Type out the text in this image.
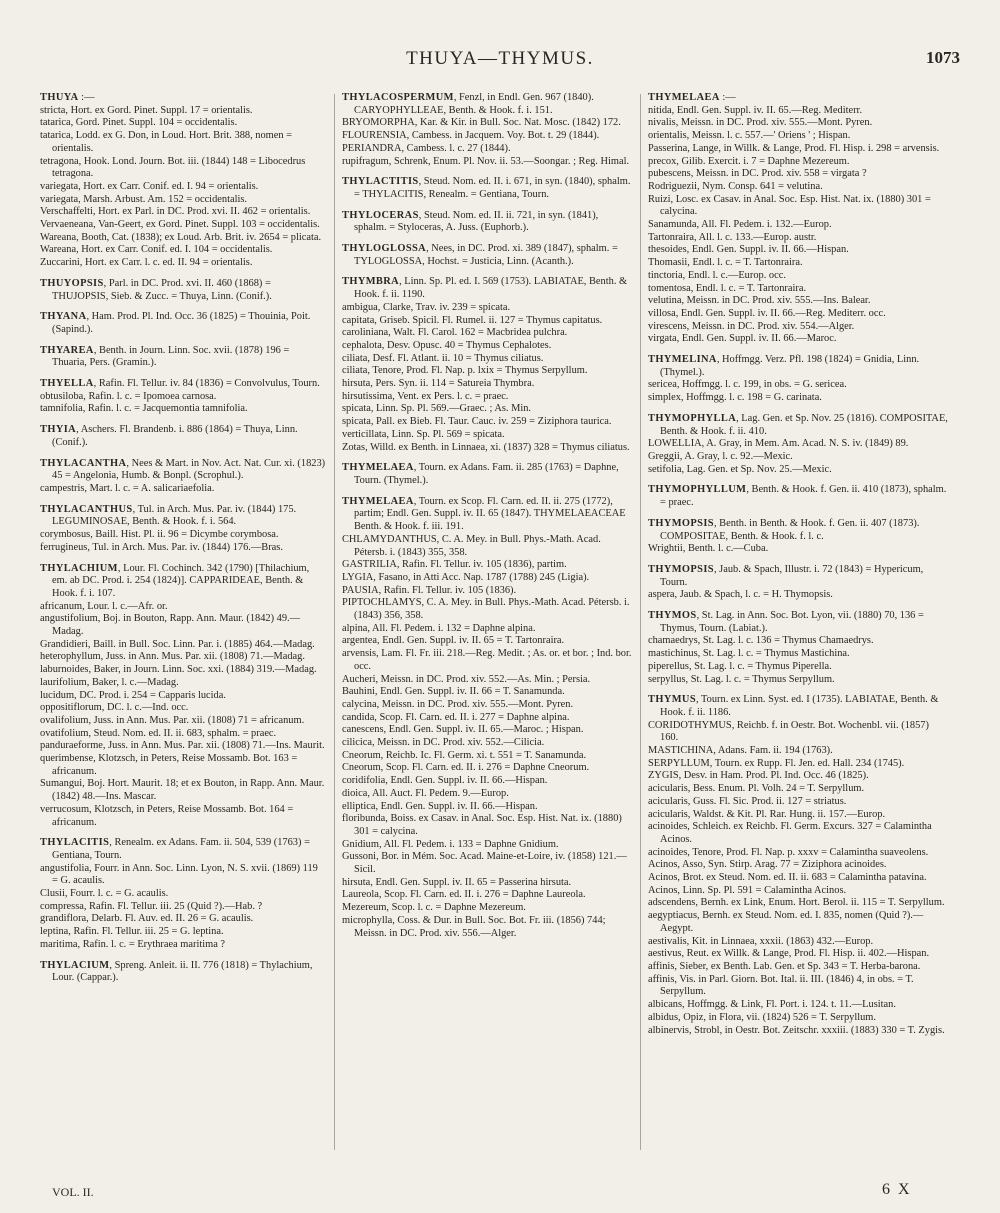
THUYA—THYMUS.	1073

THUYA :—

stricta, Hort. ex Gord. Pinet. Suppl. 17 = orientalis.

tatarica, Gord. Pinet. Suppl. 104 = occidentalis.

tatarica, Lodd. ex G. Don, in Loud. Hort. Brit. 388, nomen = orientalis.

tetragona, Hook. Lond. Journ. Bot. iii. (1844) 148 = Libocedrus tetragona.

variegata, Hort. ex Carr. Conif. ed. I. 94 = orientalis.

variegata, Marsh. Arbust. Am. 152 = occidentalis.

Verschaffelti, Hort. ex Parl. in DC. Prod. xvi. II. 462 = orientalis.

Vervaeneana, Van-Geert, ex Gord. Pinet. Suppl. 103 = occidentalis.

Wareana, Booth, Cat. (1838); ex Loud. Arb. Brit. iv. 2654 = plicata.

Wareana, Hort. ex Carr. Conif. ed. I. 104 = occidentalis.

Zuccarini, Hort. ex Carr. l. c. ed. II. 94 = orientalis.

THUYOPSIS, Parl. in DC. Prod. xvi. II. 460 (1868) = THUJOPSIS, Sieb. & Zucc. = Thuya, Linn. (Conif.).

THYANA, Ham. Prod. Pl. Ind. Occ. 36 (1825) = Thouinia, Poit. (Sapind.).

THYAREA, Benth. in Journ. Linn. Soc. xvii. (1878) 196 = Thuaria, Pers. (Gramin.).

THYELLA, Rafin. Fl. Tellur. iv. 84 (1836) = Convolvulus, Tourn.

obtusiloba, Rafin. l. c. = Ipomoea carnosa.

tamnifolia, Rafin. l. c. = Jacquemontia tamnifolia.

THYIA, Aschers. Fl. Brandenb. i. 886 (1864) = Thuya, Linn. (Conif.).

THYLACANTHA, Nees & Mart. in Nov. Act. Nat. Cur. xi. (1823) 45 = Angelonia, Humb. & Bonpl. (Scrophul.).

campestris, Mart. l. c. = A. salicariaefolia.

THYLACANTHUS, Tul. in Arch. Mus. Par. iv. (1844) 175. LEGUMINOSAE, Benth. & Hook. f. i. 564.

corymbosus, Baill. Hist. Pl. ii. 96 = Dicymbe corymbosa.

ferrugineus, Tul. in Arch. Mus. Par. iv. (1844) 176.—Bras.

THYLACHIUM, Lour. Fl. Cochinch. 342 (1790) [Thilachium, em. ab DC. Prod. i. 254 (1824)]. CAPPARIDEAE, Benth. & Hook. f. i. 107.

africanum, Lour. l. c.—Afr. or.

angustifolium, Boj. in Bouton, Rapp. Ann. Maur. (1842) 49.—Madag.

Grandidieri, Baill. in Bull. Soc. Linn. Par. i. (1885) 464.—Madag.

heterophyllum, Juss. in Ann. Mus. Par. xii. (1808) 71.—Madag.

laburnoides, Baker, in Journ. Linn. Soc. xxi. (1884) 319.—Madag.

laurifolium, Baker, l. c.—Madag.

lucidum, DC. Prod. i. 254 = Capparis lucida.

oppositiflorum, DC. l. c.—Ind. occ.

ovalifolium, Juss. in Ann. Mus. Par. xii. (1808) 71 = africanum.

ovatifolium, Steud. Nom. ed. II. ii. 683, sphalm. = praec.

panduraeforme, Juss. in Ann. Mus. Par. xii. (1808) 71.—Ins. Maurit.

querimbense, Klotzsch, in Peters, Reise Mossamb. Bot. 163 = africanum.

Sumangui, Boj. Hort. Maurit. 18; et ex Bouton, in Rapp. Ann. Maur. (1842) 48.—Ins. Mascar.

verrucosum, Klotzsch, in Peters, Reise Mossamb. Bot. 164 = africanum.

THYLACITIS, Renealm. ex Adans. Fam. ii. 504, 539 (1763) = Gentiana, Tourn.

angustifolia, Fourr. in Ann. Soc. Linn. Lyon, N. S. xvii. (1869) 119 = G. acaulis.

Clusii, Fourr. l. c. = G. acaulis.

compressa, Rafin. Fl. Tellur. iii. 25 (Quid ?).—Hab. ?

grandiflora, Delarb. Fl. Auv. ed. II. 26 = G. acaulis.

leptina, Rafin. Fl. Tellur. iii. 25 = G. leptina.

maritima, Rafin. l. c. = Erythraea maritima ?

THYLACIUM, Spreng. Anleit. ii. II. 776 (1818) = Thylachium, Lour. (Cappar.).

THYLACOSPERMUM, Fenzl, in Endl. Gen. 967 (1840). CARYOPHYLLEAE, Benth. & Hook. f. i. 151.

BRYOMORPHA, Kar. & Kir. in Bull. Soc. Nat. Mosc. (1842) 172.

FLOURENSIA, Cambess. in Jacquem. Voy. Bot. t. 29 (1844).

PERIANDRA, Cambess. l. c. 27 (1844).

rupifragum, Schrenk, Enum. Pl. Nov. ii. 53.—Soongar. ; Reg. Himal.

THYLACTITIS, Steud. Nom. ed. II. i. 671, in syn. (1840), sphalm. = THYLACITIS, Renealm. = Gentiana, Tourn.

THYLOCERAS, Steud. Nom. ed. II. ii. 721, in syn. (1841), sphalm. = Styloceras, A. Juss. (Euphorb.).

THYLOGLOSSA, Nees, in DC. Prod. xi. 389 (1847), sphalm. = TYLOGLOSSA, Hochst. = Justicia, Linn. (Acanth.).

THYMBRA, Linn. Sp. Pl. ed. I. 569 (1753). LABIATAE, Benth. & Hook. f. ii. 1190.

ambigua, Clarke, Trav. iv. 239 = spicata.

capitata, Griseb. Spicil. Fl. Rumel. ii. 127 = Thymus capitatus.

caroliniana, Walt. Fl. Carol. 162 = Macbridea pulchra.

cephalota, Desv. Opusc. 40 = Thymus Cephalotes.

ciliata, Desf. Fl. Atlant. ii. 10 = Thymus ciliatus.

ciliata, Tenore, Prod. Fl. Nap. p. lxix = Thymus Serpyllum.

hirsuta, Pers. Syn. ii. 114 = Satureia Thymbra.

hirsutissima, Vent. ex Pers. l. c. = praec.

spicata, Linn. Sp. Pl. 569.—Graec. ; As. Min.

spicata, Pall. ex Bieb. Fl. Taur. Cauc. iv. 259 = Ziziphora taurica.

verticillata, Linn. Sp. Pl. 569 = spicata.

Zotas, Willd. ex Benth. in Linnaea, xi. (1837) 328 = Thymus ciliatus.

THYMELAEA, Tourn. ex Adans. Fam. ii. 285 (1763) = Daphne, Tourn. (Thymel.).

THYMELAEA, Tourn. ex Scop. Fl. Carn. ed. II. ii. 275 (1772), partim; Endl. Gen. Suppl. iv. II. 65 (1847). THYMELAEACEAE Benth. & Hook. f. iii. 191.

CHLAMYDANTHUS, C. A. Mey. in Bull. Phys.-Math. Acad. Pétersb. i. (1843) 355, 358.

GASTRILIA, Rafin. Fl. Tellur. iv. 105 (1836), partim.

LYGIA, Fasano, in Atti Acc. Nap. 1787 (1788) 245 (Ligia).

PAUSIA, Rafin. Fl. Tellur. iv. 105 (1836).

PIPTOCHLAMYS, C. A. Mey. in Bull. Phys.-Math. Acad. Pétersb. i. (1843) 356, 358.

alpina, All. Fl. Pedem. i. 132 = Daphne alpina.

argentea, Endl. Gen. Suppl. iv. II. 65 = T. Tartonraira.

arvensis, Lam. Fl. Fr. iii. 218.—Reg. Medit. ; As. or. et bor. ; Ind. bor. occ.

Aucheri, Meissn. in DC. Prod. xiv. 552.—As. Min. ; Persia.

Bauhini, Endl. Gen. Suppl. iv. II. 66 = T. Sanamunda.

calycina, Meissn. in DC. Prod. xiv. 555.—Mont. Pyren.

candida, Scop. Fl. Carn. ed. II. i. 277 = Daphne alpina.

canescens, Endl. Gen. Suppl. iv. II. 65.—Maroc. ; Hispan.

cilicica, Meissn. in DC. Prod. xiv. 552.—Cilicia.

Cneorum, Reichb. Ic. Fl. Germ. xi. t. 551 = T. Sanamunda.

Cneorum, Scop. Fl. Carn. ed. II. i. 276 = Daphne Cneorum.

coridifolia, Endl. Gen. Suppl. iv. II. 66.—Hispan.

dioica, All. Auct. Fl. Pedem. 9.—Europ.

elliptica, Endl. Gen. Suppl. iv. II. 66.—Hispan.

floribunda, Boiss. ex Casav. in Anal. Soc. Esp. Hist. Nat. ix. (1880) 301 = calycina.

Gnidium, All. Fl. Pedem. i. 133 = Daphne Gnidium.

Gussoni, Bor. in Mém. Soc. Acad. Maine-et-Loire, iv. (1858) 121.—Sicil.

hirsuta, Endl. Gen. Suppl. iv. II. 65 = Passerina hirsuta.

Laureola, Scop. Fl. Carn. ed. II. i. 276 = Daphne Laureola.

Mezereum, Scop. l. c. = Daphne Mezereum.

microphylla, Coss. & Dur. in Bull. Soc. Bot. Fr. iii. (1856) 744; Meissn. in DC. Prod. xiv. 556.—Alger.

THYMELAEA :—

nitida, Endl. Gen. Suppl. iv. II. 65.—Reg. Mediterr.

nivalis, Meissn. in DC. Prod. xiv. 555.—Mont. Pyren.

orientalis, Meissn. l. c. 557.—' Oriens ' ; Hispan.

Passerina, Lange, in Willk. & Lange, Prod. Fl. Hisp. i. 298 = arvensis.

precox, Gilib. Exercit. i. 7 = Daphne Mezereum.

pubescens, Meissn. in DC. Prod. xiv. 558 = virgata ?

Rodriguezii, Nym. Consp. 641 = velutina.

Ruizi, Losc. ex Casav. in Anal. Soc. Esp. Hist. Nat. ix. (1880) 301 = calycina.

Sanamunda, All. Fl. Pedem. i. 132.—Europ.

Tartonraira, All. l. c. 133.—Europ. austr.

thesoides, Endl. Gen. Suppl. iv. II. 66.—Hispan.

Thomasii, Endl. l. c. = T. Tartonraira.

tinctoria, Endl. l. c.—Europ. occ.

tomentosa, Endl. l. c. = T. Tartonraira.

velutina, Meissn. in DC. Prod. xiv. 555.—Ins. Balear.

villosa, Endl. Gen. Suppl. iv. II. 66.—Reg. Mediterr. occ.

virescens, Meissn. in DC. Prod. xiv. 554.—Alger.

virgata, Endl. Gen. Suppl. iv. II. 66.—Maroc.

THYMELINA, Hoffmgg. Verz. Pfl. 198 (1824) = Gnidia, Linn. (Thymel.).

sericea, Hoffmgg. l. c. 199, in obs. = G. sericea.

simplex, Hoffmgg. l. c. 198 = G. carinata.

THYMOPHYLLA, Lag. Gen. et Sp. Nov. 25 (1816). COMPOSITAE, Benth. & Hook. f. ii. 410.

LOWELLIA, A. Gray, in Mem. Am. Acad. N. S. iv. (1849) 89.

Greggii, A. Gray, l. c. 92.—Mexic.

setifolia, Lag. Gen. et Sp. Nov. 25.—Mexic.

THYMOPHYLLUM, Benth. & Hook. f. Gen. ii. 410 (1873), sphalm. = praec.

THYMOPSIS, Benth. in Benth. & Hook. f. Gen. ii. 407 (1873). COMPOSITAE, Benth. & Hook. f. l. c.

Wrightii, Benth. l. c.—Cuba.

THYMOPSIS, Jaub. & Spach, Illustr. i. 72 (1843) = Hypericum, Tourn.

aspera, Jaub. & Spach, l. c. = H. Thymopsis.

THYMOS, St. Lag. in Ann. Soc. Bot. Lyon, vii. (1880) 70, 136 = Thymus, Tourn. (Labiat.).

chamaedrys, St. Lag. l. c. 136 = Thymus Chamaedrys.

mastichinus, St. Lag. l. c. = Thymus Mastichina.

piperellus, St. Lag. l. c. = Thymus Piperella.

serpyllus, St. Lag. l. c. = Thymus Serpyllum.

THYMUS, Tourn. ex Linn. Syst. ed. I (1735). LABIATAE, Benth. & Hook. f. ii. 1186.

CORIDOTHYMUS, Reichb. f. in Oestr. Bot. Wochenbl. vii. (1857) 160.

MASTICHINA, Adans. Fam. ii. 194 (1763).

SERPYLLUM, Tourn. ex Rupp. Fl. Jen. ed. Hall. 234 (1745).

ZYGIS, Desv. in Ham. Prod. Pl. Ind. Occ. 46 (1825).

acicularis, Bess. Enum. Pl. Volh. 24 = T. Serpyllum.

acicularis, Guss. Fl. Sic. Prod. ii. 127 = striatus.

acicularis, Waldst. & Kit. Pl. Rar. Hung. ii. 157.—Europ.

acinoides, Schleich. ex Reichb. Fl. Germ. Excurs. 327 = Calamintha Acinos.

acinoides, Tenore, Prod. Fl. Nap. p. xxxv = Calamintha suaveolens.

Acinos, Asso, Syn. Stirp. Arag. 77 = Ziziphora acinoides.

Acinos, Brot. ex Steud. Nom. ed. II. ii. 683 = Calamintha patavina.

Acinos, Linn. Sp. Pl. 591 = Calamintha Acinos.

adscendens, Bernh. ex Link, Enum. Hort. Berol. ii. 115 = T. Serpyllum.

aegyptiacus, Bernh. ex Steud. Nom. ed. I. 835, nomen (Quid ?).—Aegypt.

aestivalis, Kit. in Linnaea, xxxii. (1863) 432.—Europ.

aestivus, Reut. ex Willk. & Lange, Prod. Fl. Hisp. ii. 402.—Hispan.

affinis, Sieber, ex Benth. Lab. Gen. et Sp. 343 = T. Herba-barona.

affinis, Vis. in Parl. Giorn. Bot. Ital. ii. III. (1846) 4, in obs. = T. Serpyllum.

albicans, Hoffmgg. & Link, Fl. Port. i. 124. t. 11.—Lusitan.

albidus, Opiz, in Flora, vii. (1824) 526 = T. Serpyllum.

albinervis, Strobl, in Oestr. Bot. Zeitschr. xxxiii. (1883) 330 = T. Zygis.

VOL. II.	6 X
